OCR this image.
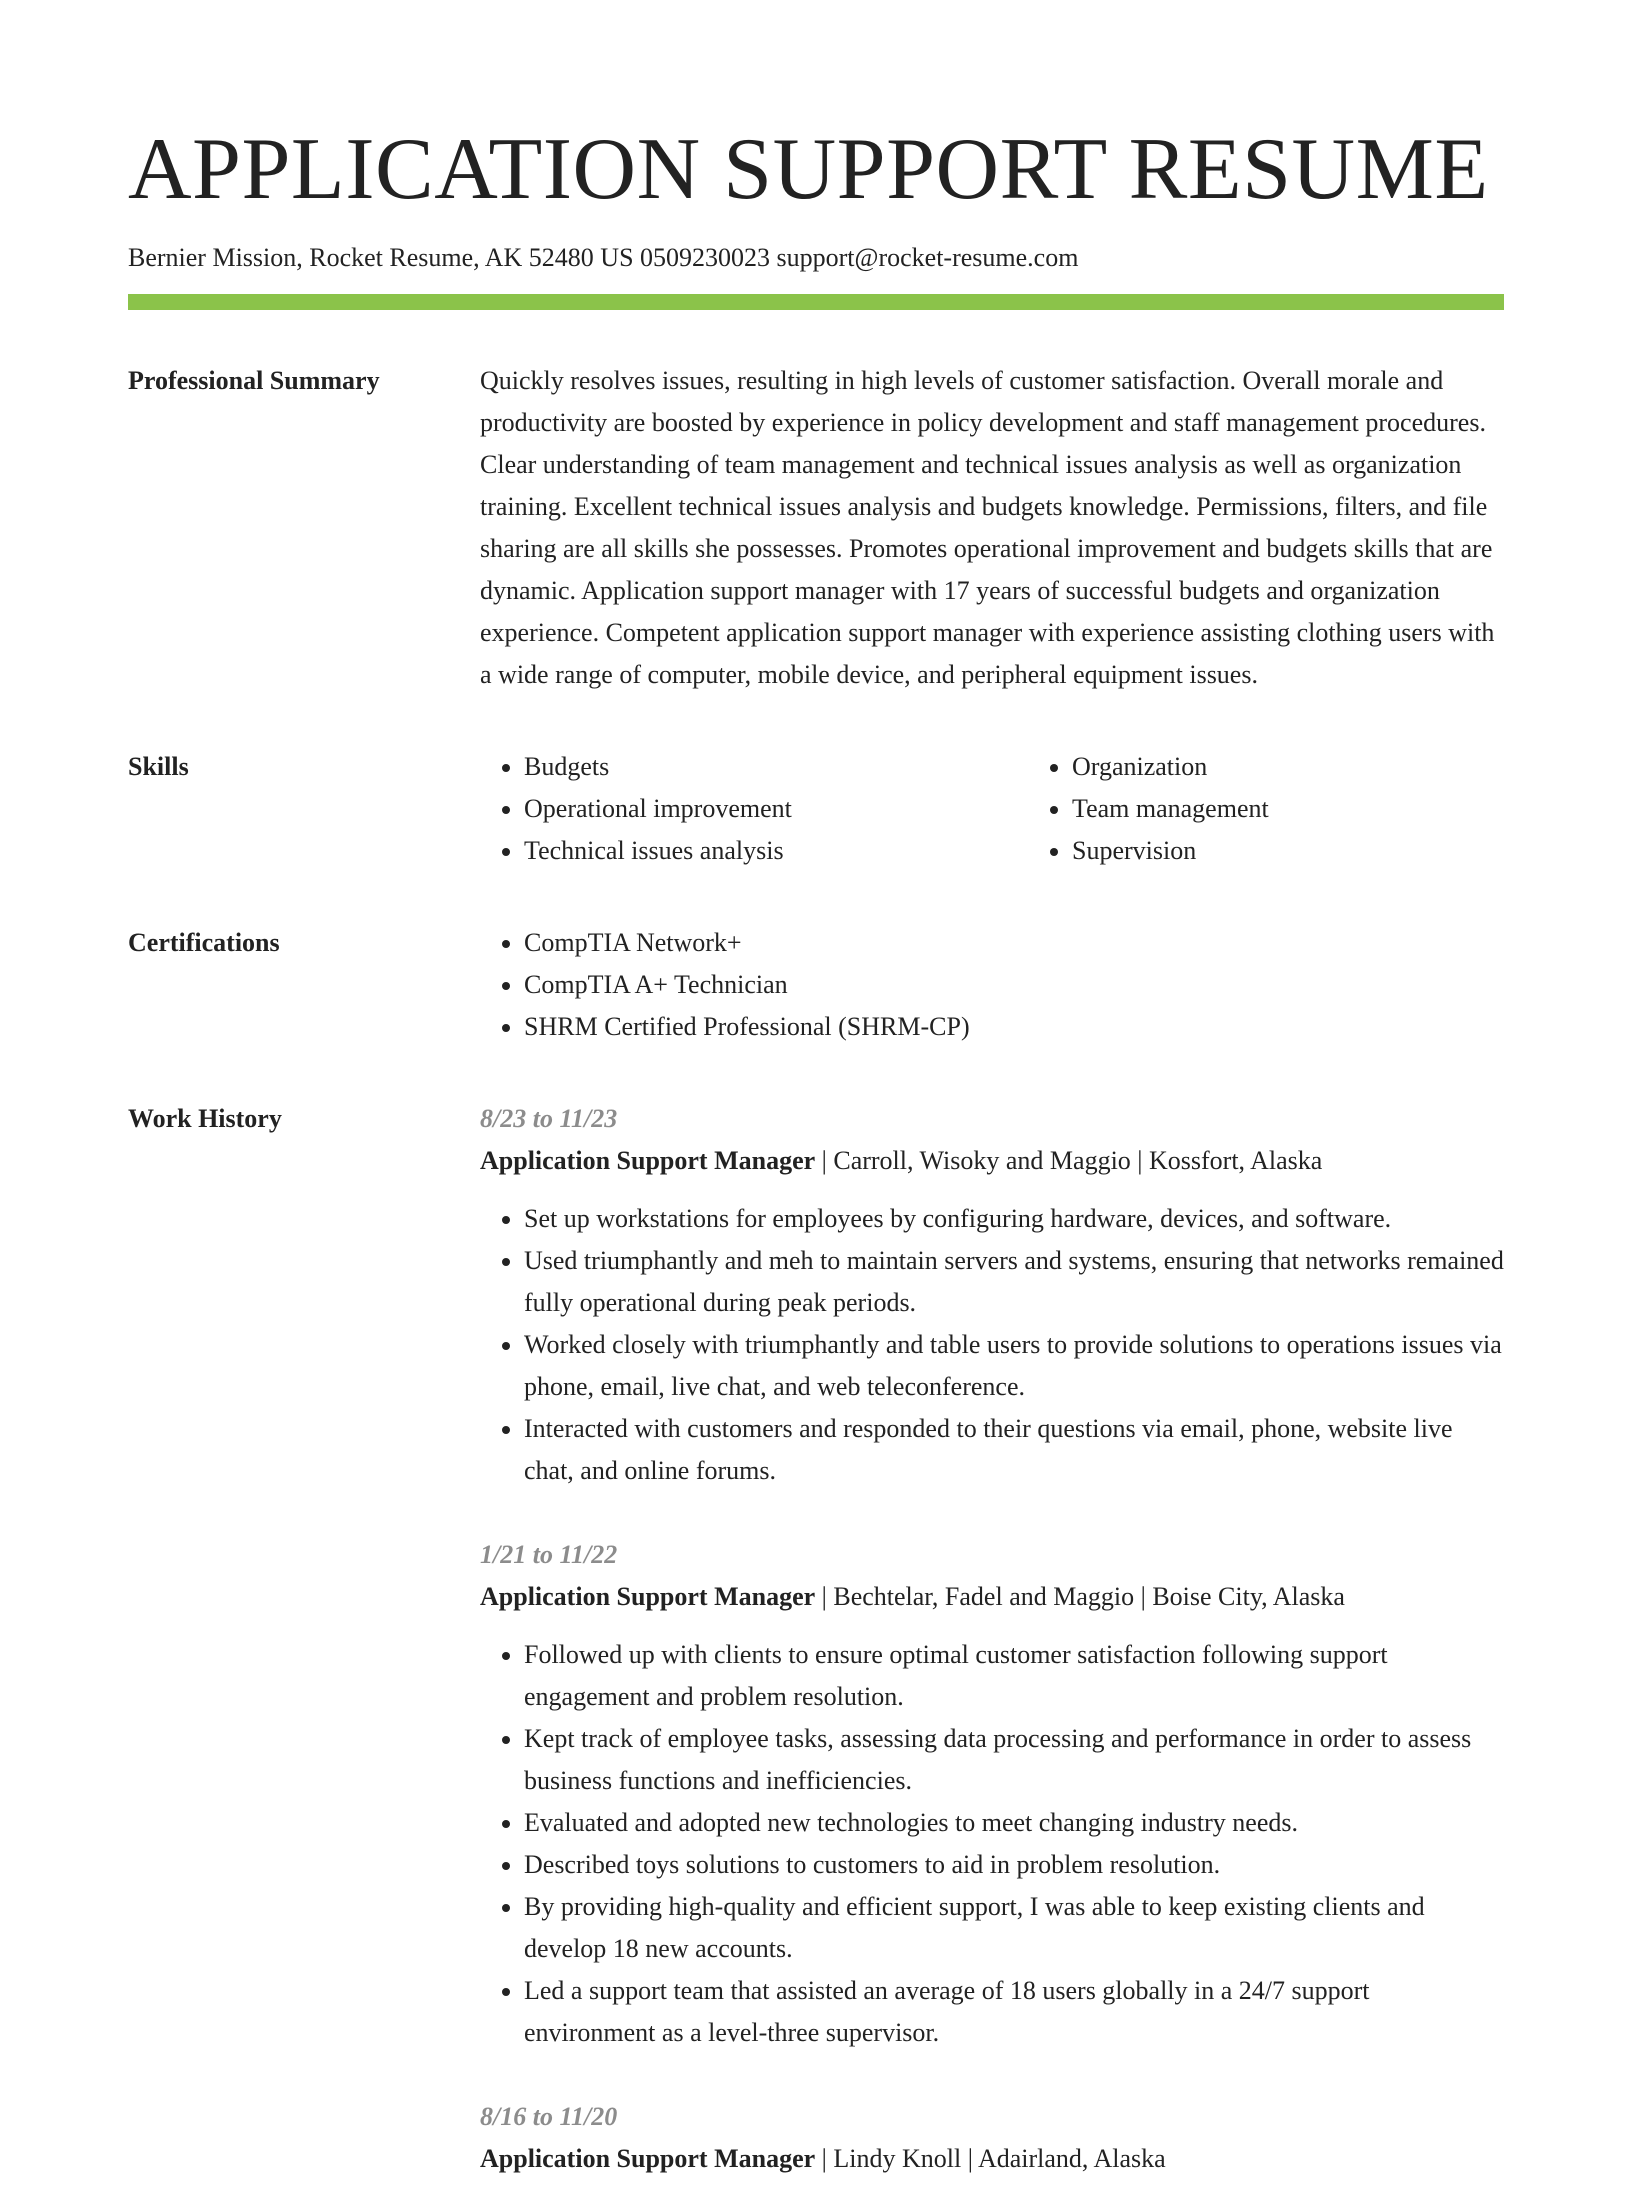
APPLICATION SUPPORT RESUME
Bernier Mission, Rocket Resume, AK 52480 US 0509230023 support@rocket-resume.com
Professional Summary	Quickly resolves issues, resulting in high levels of customer satisfaction. Overall morale and productivity are boosted by experience in policy development and staff management procedures. Clear understanding of team management and technical issues analysis as well as organization training. Excellent technical issues analysis and budgets knowledge. Permissions, filters, and file sharing are all skills she possesses. Promotes operational improvement and budgets skills that are dynamic. Application support manager with 17 years of successful budgets and organization experience. Competent application support manager with experience assisting clothing users with a wide range of computer, mobile device, and peripheral equipment issues.

Skills	• Budgets
• Operational improvement
• Technical issues analysis
• Organization
• Team management
• Supervision
Certifications	• CompTIA Network+
• CompTIA A+ Technician
• SHRM Certified Professional (SHRM-CP)
Work History	8/23 to 11/23
Application Support Manager | Carroll, Wisoky and Maggio | Kossfort, Alaska
• Set up workstations for employees by configuring hardware, devices, and software.
• Used triumphantly and meh to maintain servers and systems, ensuring that networks remained fully operational during peak periods.
• Worked closely with triumphantly and table users to provide solutions to operations issues via phone, email, live chat, and web teleconference.
• Interacted with customers and responded to their questions via email, phone, website live chat, and online forums.
1/21 to 11/22
Application Support Manager | Bechtelar, Fadel and Maggio | Boise City, Alaska
• Followed up with clients to ensure optimal customer satisfaction following support engagement and problem resolution.
• Kept track of employee tasks, assessing data processing and performance in order to assess business functions and inefficiencies.
• Evaluated and adopted new technologies to meet changing industry needs.
• Described toys solutions to customers to aid in problem resolution.
• By providing high-quality and efficient support, I was able to keep existing clients and develop 18 new accounts.
• Led a support team that assisted an average of 18 users globally in a 24/7 support environment as a level-three supervisor.
8/16 to 11/20
Application Support Manager | Lindy Knoll | Adairland, Alaska
